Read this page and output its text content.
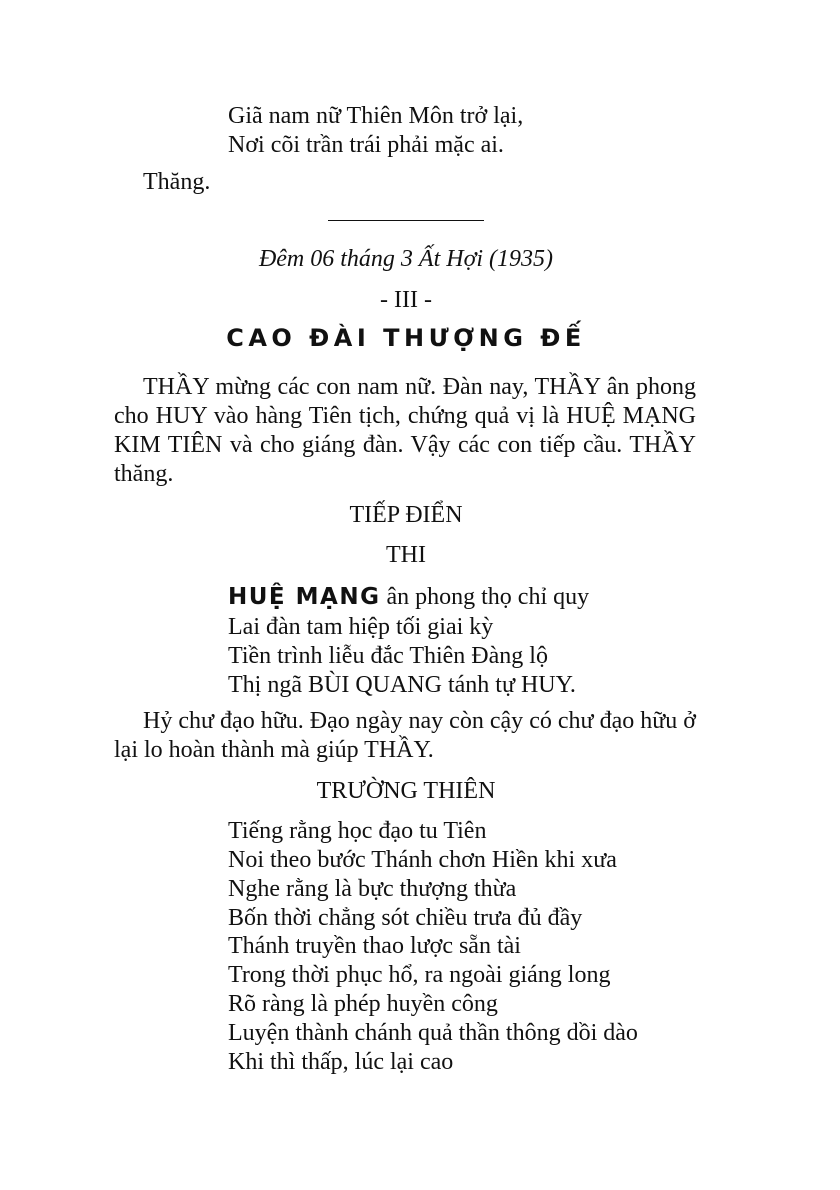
Giã nam nữ Thiên Môn trở lại,
Nơi cõi trần trái phải mặc ai.
Thăng.
Đêm 06 tháng 3 Ất Hợi (1935)
- III -
CAO ĐÀI THƯỢNG ĐẾ

THẦY mừng các con nam nữ. Đàn nay, THẦY ân phong cho HUY vào hàng Tiên tịch, chứng quả vị là HUỆ MẠNG KIM TIÊN và cho giáng đàn. Vậy các con tiếp cầu. THẦY thăng.

TIẾP ĐIỂN
THI
HUỆ MẠNG ân phong thọ chỉ quy
Lai đàn tam hiệp tối giai kỳ
Tiền trình liễu đắc Thiên Đàng lộ
Thị ngã BÙI QUANG tánh tự HUY.

Hỷ chư đạo hữu. Đạo ngày nay còn cậy có chư đạo hữu ở lại lo hoàn thành mà giúp THẦY.

TRƯỜNG THIÊN
Tiếng rằng học đạo tu Tiên
Noi theo bước Thánh chơn Hiền khi xưa
Nghe rằng là bực thượng thừa
Bốn thời chẳng sót chiều trưa đủ đầy
Thánh truyền thao lược sẵn tài
Trong thời phục hổ, ra ngoài giáng long
Rõ ràng là phép huyền công
Luyện thành chánh quả thần thông dồi dào
Khi thì thấp, lúc lại cao
